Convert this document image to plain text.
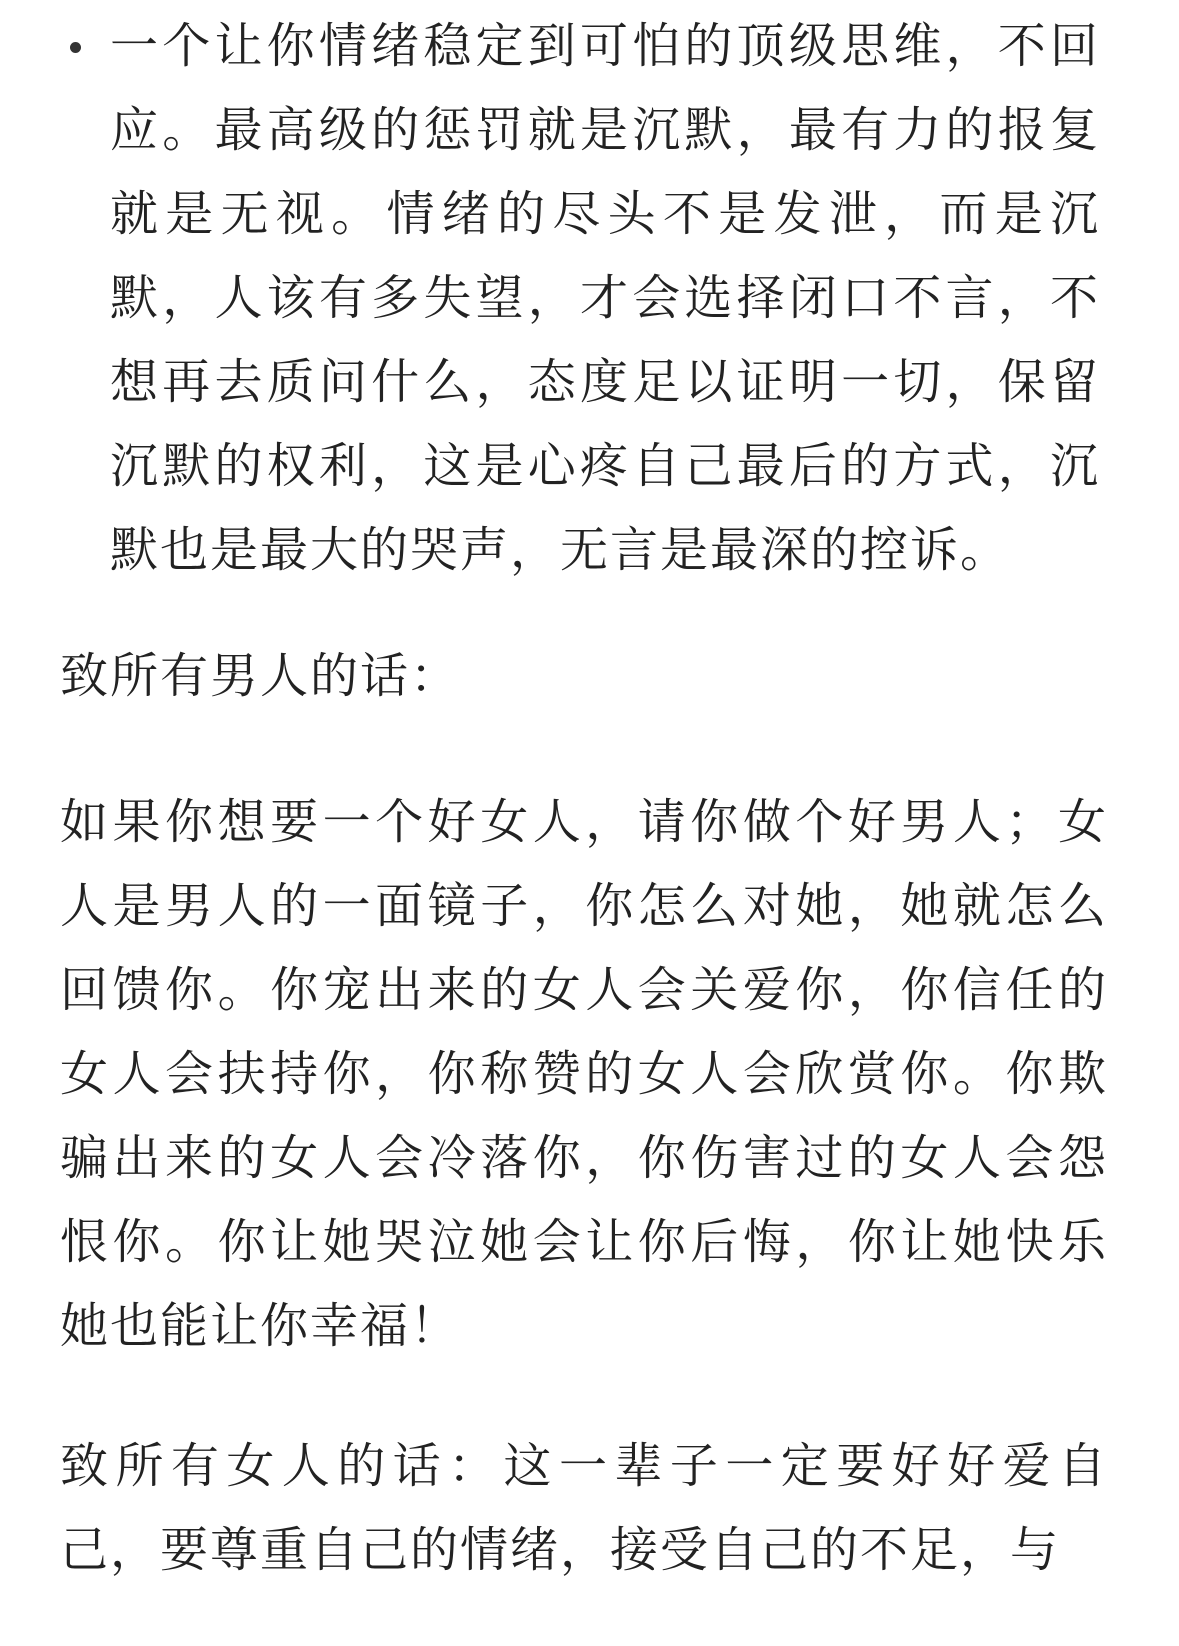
一个让你情绪稳定到可怕的顶级思维，不回应。最高级的惩罚就是沉默，最有力的报复就是无视。情绪的尽头不是发泄，而是沉默，人该有多失望，才会选择闭口不言，不想再去质问什么，态度足以证明一切，保留沉默的权利，这是心疼自己最后的方式，沉默也是最大的哭声，无言是最深的控诉。

致所有男人的话：

如果你想要一个好女人，请你做个好男人；女人是男人的一面镜子，你怎么对她，她就怎么回馈你。你宠出来的女人会关爱你，你信任的女人会扶持你，你称赞的女人会欣赏你。你欺骗出来的女人会冷落你，你伤害过的女人会怨恨你。你让她哭泣她会让你后悔，你让她快乐她也能让你幸福！

致所有女人的话：这一辈子一定要好好爱自己，要尊重自己的情绪，接受自己的不足，与
